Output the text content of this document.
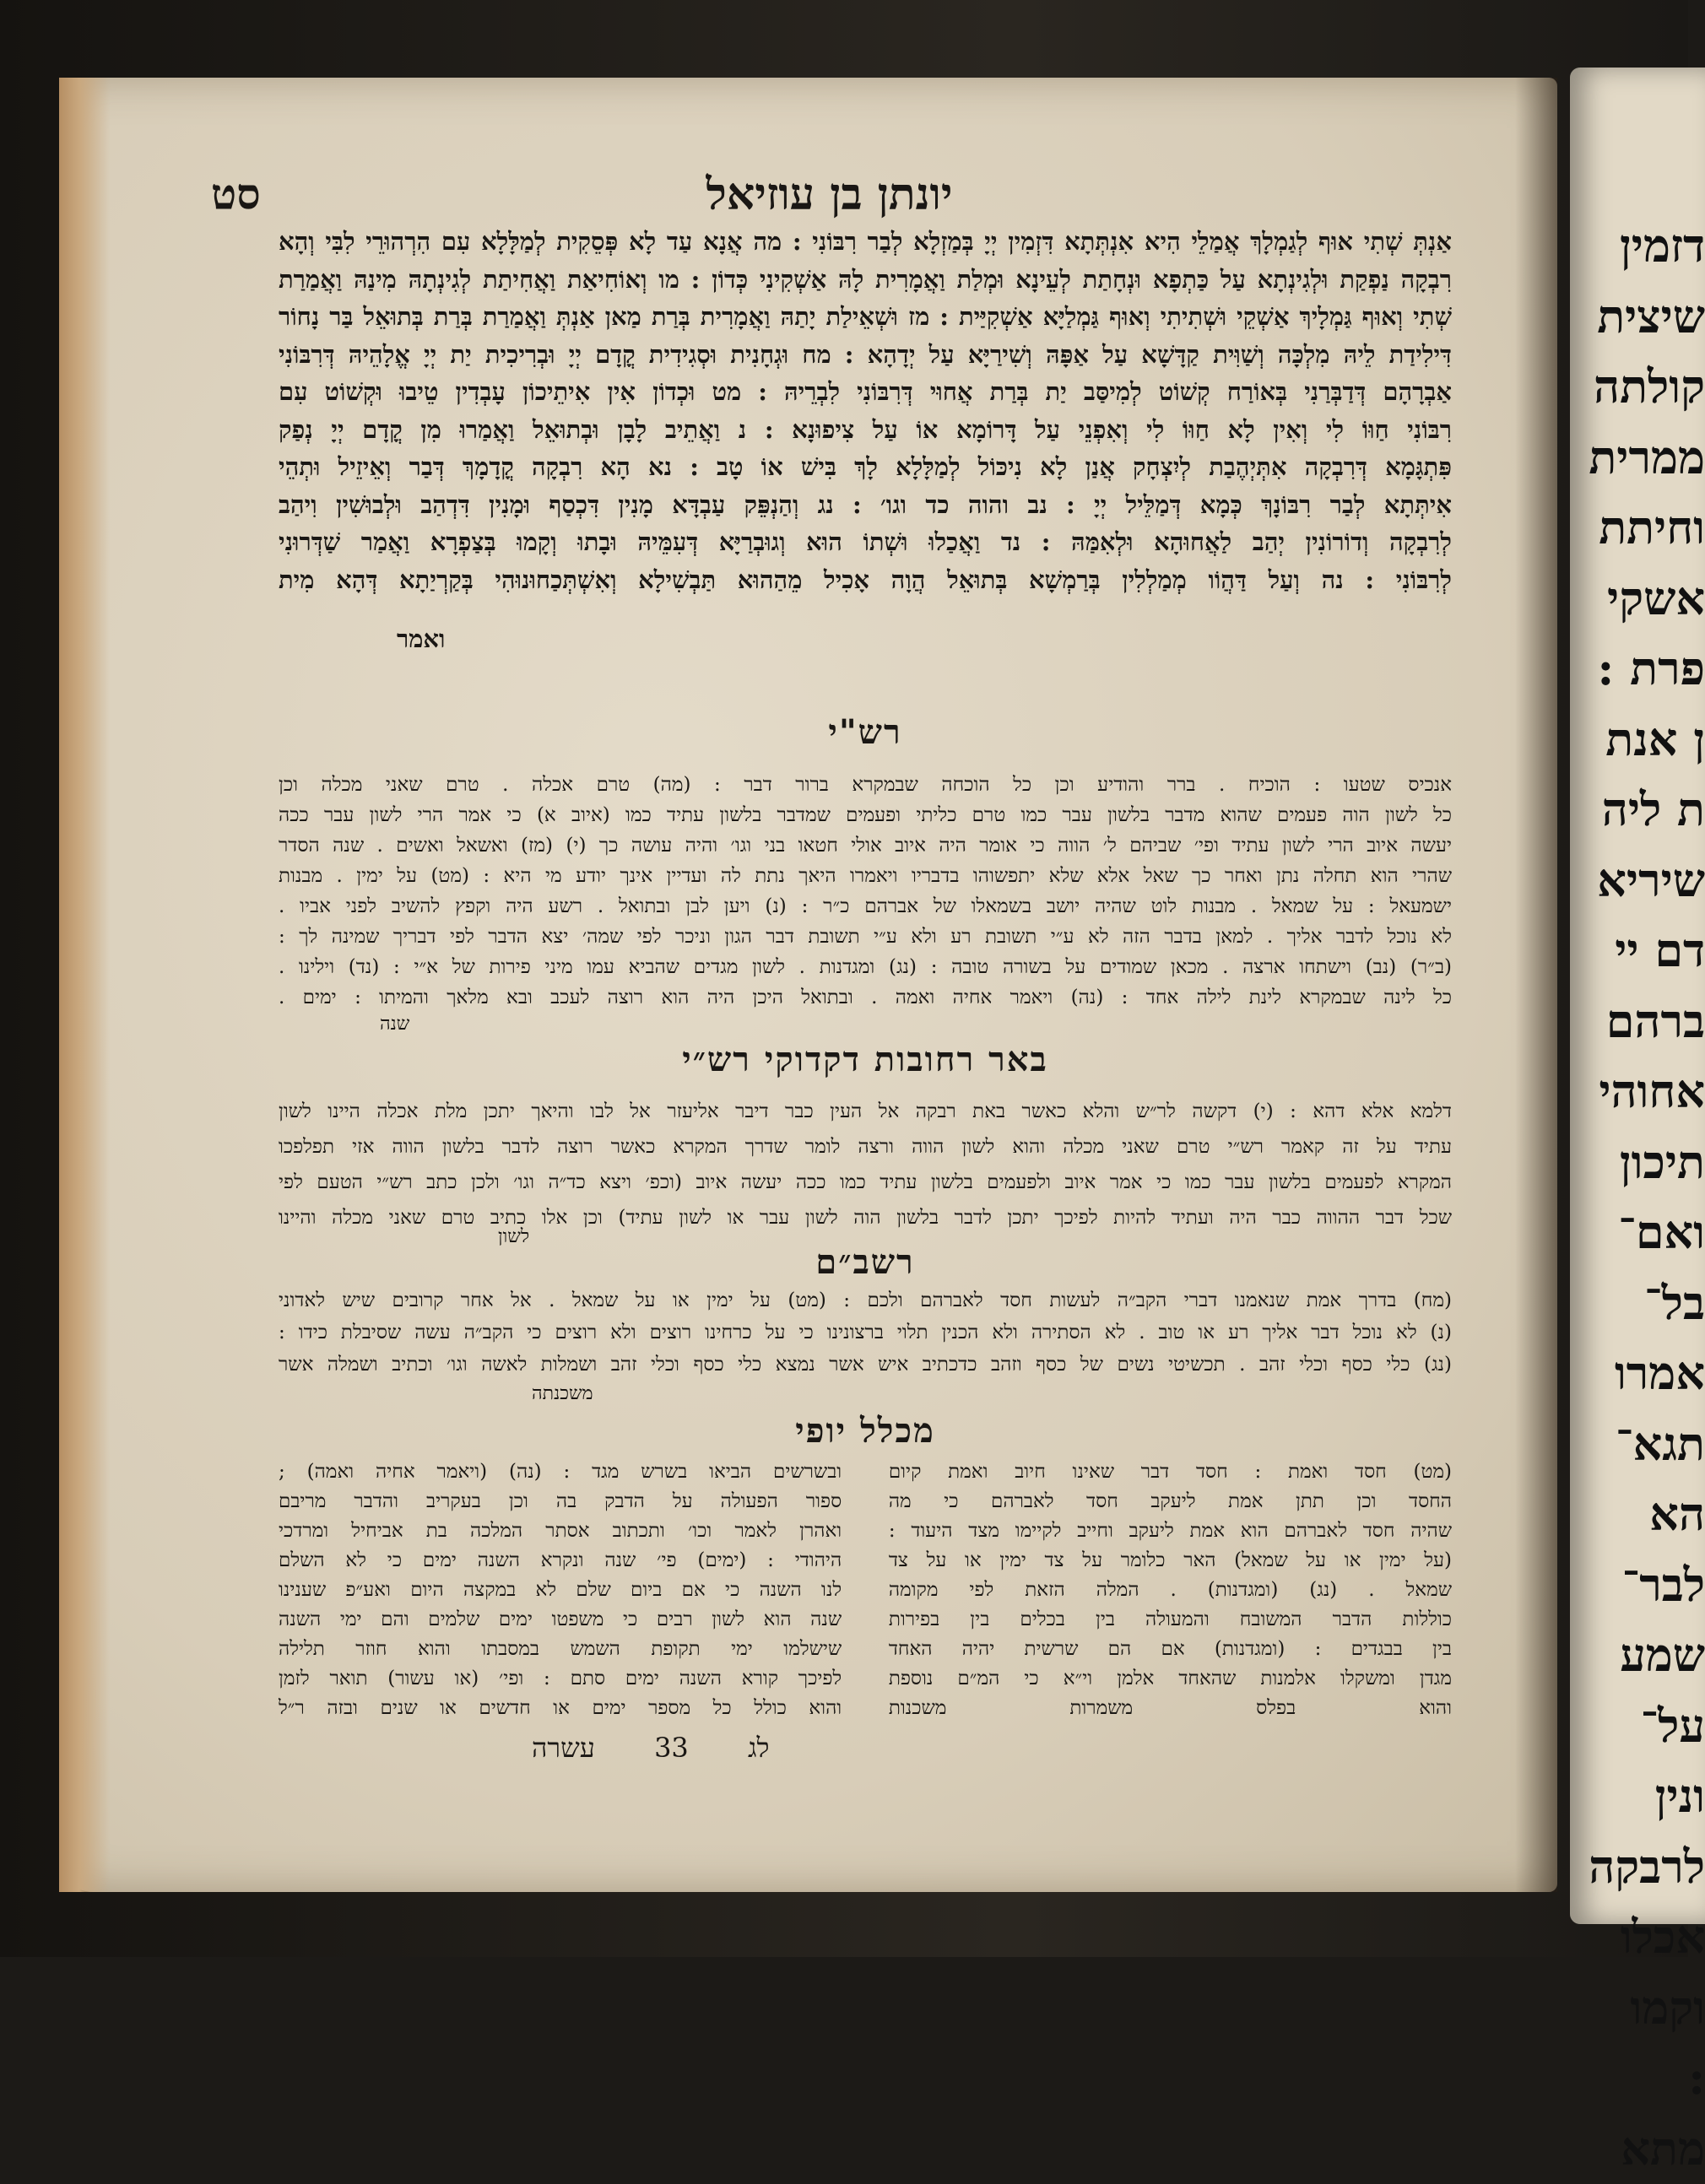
דזמין
שיצית
קולתה
ממרית
וחיתת
אשקי
פרת :
ן אנת
ת ליה
שיריא
דם יי
ברהם
אחוהי
תיכון
ואם־
בל־
אמרו
תגא־
הא
לבר־
שמע
על־
ונין
לרבקה
אכלו
וקמו
:
מתא
יונתן בן עוזיאל
סט
אַנְתְּ שְׁתִי אוּף לְגַמְלָךְ אֲמַלֵי הִיא אִנְתְּתָא דִּזְמִין יְיָ בְּמַזְלָא לְבַר רִבּוֹנִי : מה אֲנָא עַד לָא פְּסֵקִית לְמַלָּלָא עִם הִרְהוּרֵי לִבִּי וְהָא
רִבְקָה נַפְקַת וּלְגִינְתָא עַל כַּתְפָא וּנְחָתַת לְעֵינָא וּמְלַת וַאֲמָרִית לָהּ אַשְׁקִינִי כְּדוֹן : מו וְאוֹחִיאַת וַאֲחִיתַת לְגִינְתָהּ מִינַהּ וַאֲמַרַת
שְׁתִי וְאוּף גַּמְלָיךְ אַשְׁקֵי וּשְׁתִיתִי וְאוּף גַּמְלַיָּא אַשְׁקִיַּית : מז וּשְׁאֵילַת יָתַהּ וַאֲמָרִית בְּרַת מַאן אַנְתְּ וַאֲמַרַת בְּרַת בְּתוּאֵל בַּר נָחוֹר
דִּילִידַת לֵיהּ מִלְכָּה וְשַׁוִּית קַדָּשָׁא עַל אַפָּהּ וְשִׁירַיָּא עַל יְדָהָא : מח וּגְחָנִית וּסְגִידִית קֳדָם יְיָ וּבְרִיכִית יַת יְיָ אֱלָהֵיהּ דְּרִבּוֹנִי
אַבְרָהָם דְּדַבְּרַנִי בְּאוֹרַח קְשׁוֹט לְמִיסַּב יַת בְּרַת אֲחוּי דְּרִבּוֹנִי לִבְרֵיהּ : מט וּכְדוֹן אִין אִיתֵיכוֹן עָבְדִין טֵיבוּ וּקְשׁוֹט עִם
רִבּוֹנִי חַוּוֹ לִי וְאִין לָא חַוּוֹ לִי וְאִפְנֵי עַל דָּרוֹמָא אוֹ עַל צִיפוּנָא : נ וַאֲתֵיב לָבָן וּבְתוּאֵל וַאֲמַרוּ מִן קֳדָם יְיָ נְפַק
פִּתְגָּמָא דְּרִבְקָה אִתְּיְהֶבַת לְיִצְחָק אֲנַן לָא נִיכּוֹל לְמַלָּלָא לָךְ בִּישׁ אוֹ טָב : נא הָא רִבְקָה קֳדָמָךְ דְּבַר וְאֵיזֵיל וּתְהֵי
אִיתְּתָא לְבַר רִבּוֹנָךְ כְּמָא דְּמַלֵּיל יְיָ : נב והוה כד וגו׳ : נג וְהַנְפֵּק עַבְדָּא מָנִין דִּכְסַף וּמָנִין דִּדְהַב וּלְבוּשִׁין וִיהַב
לְרִבְקָה וְדוֹרוֹנִין יְהַב לַאֲחוּהָא וּלְאִמַּהּ : נד וַאֲכַלוּ וּשְׁתוֹ הוּא וְגוּבְרַיָּא דְּעִמֵּיהּ וּבָתוּ וְקָמוּ בְּצַפְרָא וַאֲמַר שַׁדְּרוּנִי
לְרִבּוֹנִי : נה וְעַל דַּהֲוֹו מְמַלְלִין בְּרַמְשָׁא בְּתוּאֵל הֲוָה אָכִיל מֵהַהוּא תַּבְשִׁילָא וְאִשְׁתְּכַחוּנוּהִי בְּקַרְיַתָא דְּהָא מִית
ואמר
רש"י
אנכיס שטעו : הוכיח . ברר והודיע וכן כל הוכחה שבמקרא ברור דבר : (מה) טרם אכלה . טרם שאני מכלה וכן
כל לשון הוה פעמים שהוא מדבר בלשון עבר כמו טרם כליתי ופעמים שמדבר בלשון עתיד כמו (איוב א) כי אמר הרי לשון עבר ככה
יעשה איוב הרי לשון עתיד ופי׳ שביהם ל׳ הווה כי אומר היה איוב אולי חטאו בני וגו׳ והיה עושה כך (י) (מז) ואשאל ואשים . שנה הסדר
שהרי הוא תחלה נתן ואחר כך שאל אלא שלא יתפשוהו בדבריו ויאמרו היאך נתת לה ועדיין אינך יודע מי היא : (מט) על ימין . מבנות
ישמעאל : על שמאל . מבנות לוט שהיה יושב בשמאלו של אברהם כ״ר : (נ) ויען לבן ובתואל . רשע היה וקפץ להשיב לפני אביו .
לא נוכל לדבר אליך . למאן בדבר הזה לא ע״י תשובת רע ולא ע״י תשובת דבר הגון וניכר לפי שמה׳ יצא הדבר לפי דבריך שמינה לך :
(ב״ר) (נב) וישתחו ארצה . מכאן שמודים על בשורה טובה : (נג) ומגדנות . לשון מגדים שהביא עמו מיני פירות של א״י : (נד) וילינו .
כל לינה שבמקרא לינת לילה אחד : (נה) ויאמר אחיה ואמה . ובתואל היכן היה הוא רוצה לעכב ובא מלאך והמיתו : ימים .
שנה
באר רחובות דקדוקי רש״י
דלמא אלא דהא : (י) דקשה לר״ש והלא כאשר באת רבקה אל העין כבר דיבר אליעזר אל לבו והיאך יתכן מלת אכלה היינו לשון
עתיד על זה קאמר רש״י טרם שאני מכלה והוא לשון הווה ורצה לומר שדרך המקרא כאשר רוצה לדבר בלשון הווה אזי תפלפכו
המקרא לפעמים בלשון עבר כמו כי אמר איוב ולפעמים בלשון עתיד כמו ככה יעשה איוב (וכפ׳ ויצא כד״ה וגו׳ ולכן כתב רש״י הטעם לפי
שכל דבר ההווה כבר היה ועתיד להיות לפיכך יתכן לדבר בלשון הוה לשון עבר או לשון עתיד) וכן אלו כתיב טרם שאני מכלה והיינו
לשון
רשב״ם
(מח) בדרך אמת שנאמנו דברי הקב״ה לעשות חסד לאברהם ולכם : (מט) על ימין או על שמאל . אל אחר קרובים שיש לאדוני
(נ) לא נוכל דבר אליך רע או טוב . לא הסתירה ולא הכנין תלוי ברצונינו כי על כרחינו רוצים ולא רוצים כי הקב״ה עשה שסיבלת כידו :
(נג) כלי כסף וכלי זהב . תכשיטי נשים של כסף וזהב כדכתיב איש אשר נמצא כלי כסף וכלי זהב ושמלות לאשה וגו׳ וכתיב ושמלה אשר
משכנתה
מכלל יופי
(מט) חסד ואמת : חסד דבר שאינו חיוב ואמת קיום
החסד וכן תתן אמת ליעקב חסד לאברהם כי מה
שהיה חסד לאברהם הוא אמת ליעקב וחייב לקיימו מצד היעוד :
(על ימין או על שמאל) האר כלומר על צד ימין או על צד
שמאל . (נג) (ומגדנות) . המלה הזאת לפי מקומה
כוללות הדבר המשובח והמעולה בין בכלים בין בפירות
בין בבגדים : (ומגדנות) אם הם שרשית יהיה האחד
מגדן ומשקלו אלמנות שהאחד אלמן וי״א כי המ״ם נוספת
והוא בפלס משמרות משכנות
ובשרשים הביאו בשרש מגד : (נה) (ויאמר אחיה ואמה) ;
ספור הפעולה על הדבק בה וכן בעקריב והדבר מריבם
ואהרן לאמר וכו׳ ותכתוב אסתר המלכה בת אביחיל ומרדכי
היהודי : (ימים) פי׳ שנה ונקרא השנה ימים כי לא השלם
לנו השנה כי אם ביום שלם לא במקצה היום ואע״פ שענינו
שנה הוא לשון רבים כי משפטו ימים שלמים והם ימי השנה
שישלמו ימי תקופת השמש במסבתו והוא חוזר תלילה
לפיכך קורא השנה ימים סתם : ופי׳ (או עשור) תואר לזמן
והוא כולל כל מספר ימים או חדשים או שנים ובזה ר״ל
עשרה 33 לג
